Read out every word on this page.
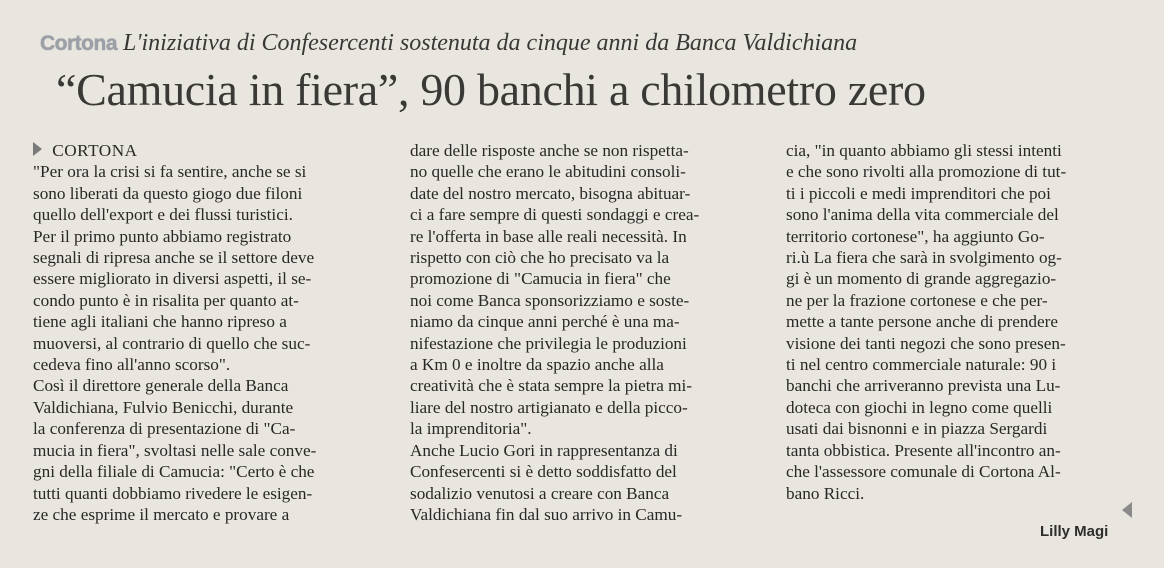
Cortona L'iniziativa di Confesercenti sostenuta da cinque anni da Banca Valdichiana
“Camucia in fiera”, 90 banchi a chilometro zero
CORTONA
"Per ora la crisi si fa sentire, anche se si
sono liberati da questo giogo due filoni
quello dell'export e dei flussi turistici.
Per il primo punto abbiamo registrato
segnali di ripresa anche se il settore deve
essere migliorato in diversi aspetti, il se-
condo punto è in risalita per quanto at-
tiene agli italiani che hanno ripreso a
muoversi, al contrario di quello che suc-
cedeva fino all'anno scorso".
Così il direttore generale della Banca
Valdichiana, Fulvio Benicchi, durante
la conferenza di presentazione di "Ca-
mucia in fiera", svoltasi nelle sale conve-
gni della filiale di Camucia: "Certo è che
tutti quanti dobbiamo rivedere le esigen-
ze che esprime il mercato e provare a
dare delle risposte anche se non rispetta-
no quelle che erano le abitudini consoli-
date del nostro mercato, bisogna abituar-
ci a fare sempre di questi sondaggi e crea-
re l'offerta in base alle reali necessità. In
rispetto con ciò che ho precisato va la
promozione di "Camucia in fiera" che
noi come Banca sponsorizziamo e soste-
niamo da cinque anni perché è una ma-
nifestazione che privilegia le produzioni
a Km 0 e inoltre da spazio anche alla
creatività che è stata sempre la pietra mi-
liare del nostro artigianato e della picco-
la imprenditoria".
Anche Lucio Gori in rappresentanza di
Confesercenti si è detto soddisfatto del
sodalizio venutosi a creare con Banca
Valdichiana fin dal suo arrivo in Camu-
cia, "in quanto abbiamo gli stessi intenti
e che sono rivolti alla promozione di tut-
ti i piccoli e medi imprenditori che poi
sono l'anima della vita commerciale del
territorio cortonese", ha aggiunto Go-
ri.ù La fiera che sarà in svolgimento og-
gi è un momento di grande aggregazio-
ne per la frazione cortonese e che per-
mette a tante persone anche di prendere
visione dei tanti negozi che sono presen-
ti nel centro commerciale naturale: 90 i
banchi che arriveranno prevista una Lu-
doteca con giochi in legno come quelli
usati dai bisnonni e in piazza Sergardi
tanta obbistica. Presente all'incontro an-
che l'assessore comunale di Cortona Al-
bano Ricci.
Lilly Magi
